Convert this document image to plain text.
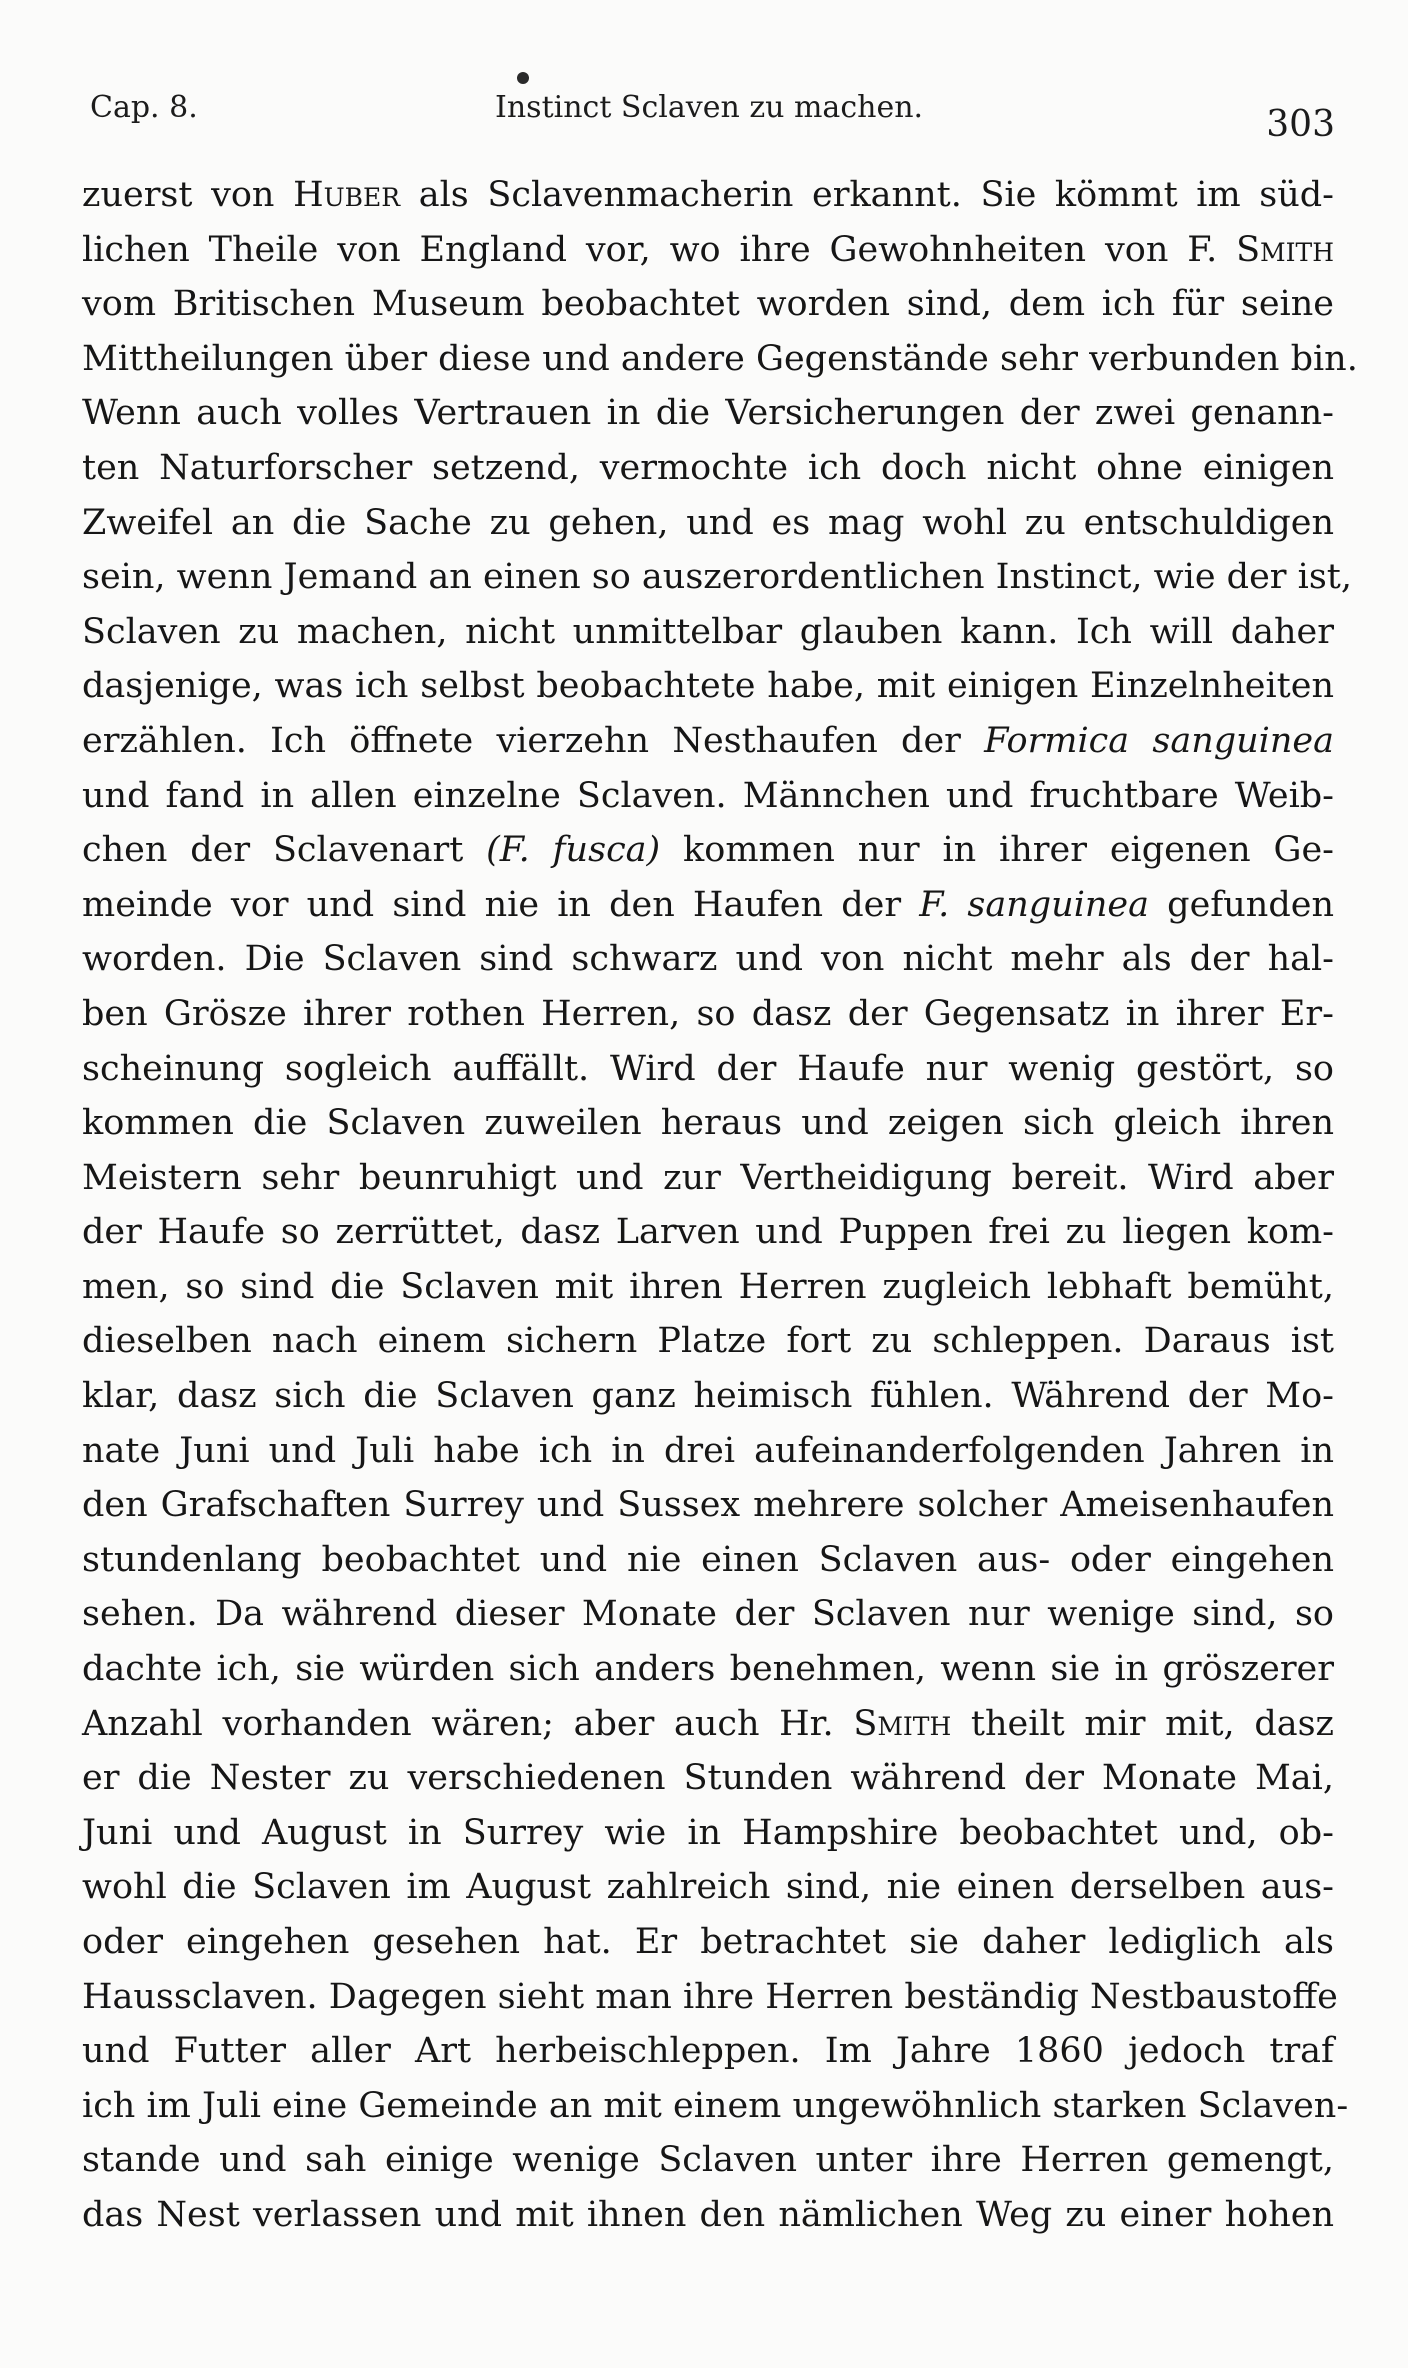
Cap. 8.	Instinct Sclaven zu machen.	303
zuerst von Huber als Sclavenmacherin erkannt. Sie kömmt im süd-
lichen Theile von England vor, wo ihre Gewohnheiten von F. Smith
vom Britischen Museum beobachtet worden sind, dem ich für seine
Mittheilungen über diese und andere Gegenstände sehr verbunden bin.
Wenn auch volles Vertrauen in die Versicherungen der zwei genann-
ten Naturforscher setzend, vermochte ich doch nicht ohne einigen
Zweifel an die Sache zu gehen, und es mag wohl zu entschuldigen
sein, wenn Jemand an einen so auszerordentlichen Instinct, wie der ist,
Sclaven zu machen, nicht unmittelbar glauben kann. Ich will daher
dasjenige, was ich selbst beobachtete habe, mit einigen Einzelnheiten
erzählen. Ich öffnete vierzehn Nesthaufen der Formica sanguinea
und fand in allen einzelne Sclaven. Männchen und fruchtbare Weib-
chen der Sclavenart (F. fusca) kommen nur in ihrer eigenen Ge-
meinde vor und sind nie in den Haufen der F. sanguinea gefunden
worden. Die Sclaven sind schwarz und von nicht mehr als der hal-
ben Grösze ihrer rothen Herren, so dasz der Gegensatz in ihrer Er-
scheinung sogleich auffällt. Wird der Haufe nur wenig gestört, so
kommen die Sclaven zuweilen heraus und zeigen sich gleich ihren
Meistern sehr beunruhigt und zur Vertheidigung bereit. Wird aber
der Haufe so zerrüttet, dasz Larven und Puppen frei zu liegen kom-
men, so sind die Sclaven mit ihren Herren zugleich lebhaft bemüht,
dieselben nach einem sichern Platze fort zu schleppen. Daraus ist
klar, dasz sich die Sclaven ganz heimisch fühlen. Während der Mo-
nate Juni und Juli habe ich in drei aufeinanderfolgenden Jahren in
den Grafschaften Surrey und Sussex mehrere solcher Ameisenhaufen
stundenlang beobachtet und nie einen Sclaven aus- oder eingehen
sehen. Da während dieser Monate der Sclaven nur wenige sind, so
dachte ich, sie würden sich anders benehmen, wenn sie in gröszerer
Anzahl vorhanden wären; aber auch Hr. Smith theilt mir mit, dasz
er die Nester zu verschiedenen Stunden während der Monate Mai,
Juni und August in Surrey wie in Hampshire beobachtet und, ob-
wohl die Sclaven im August zahlreich sind, nie einen derselben aus-
oder eingehen gesehen hat. Er betrachtet sie daher lediglich als
Haussclaven. Dagegen sieht man ihre Herren beständig Nestbaustoffe
und Futter aller Art herbeischleppen. Im Jahre 1860 jedoch traf
ich im Juli eine Gemeinde an mit einem ungewöhnlich starken Sclaven-
stande und sah einige wenige Sclaven unter ihre Herren gemengt,
das Nest verlassen und mit ihnen den nämlichen Weg zu einer hohen
